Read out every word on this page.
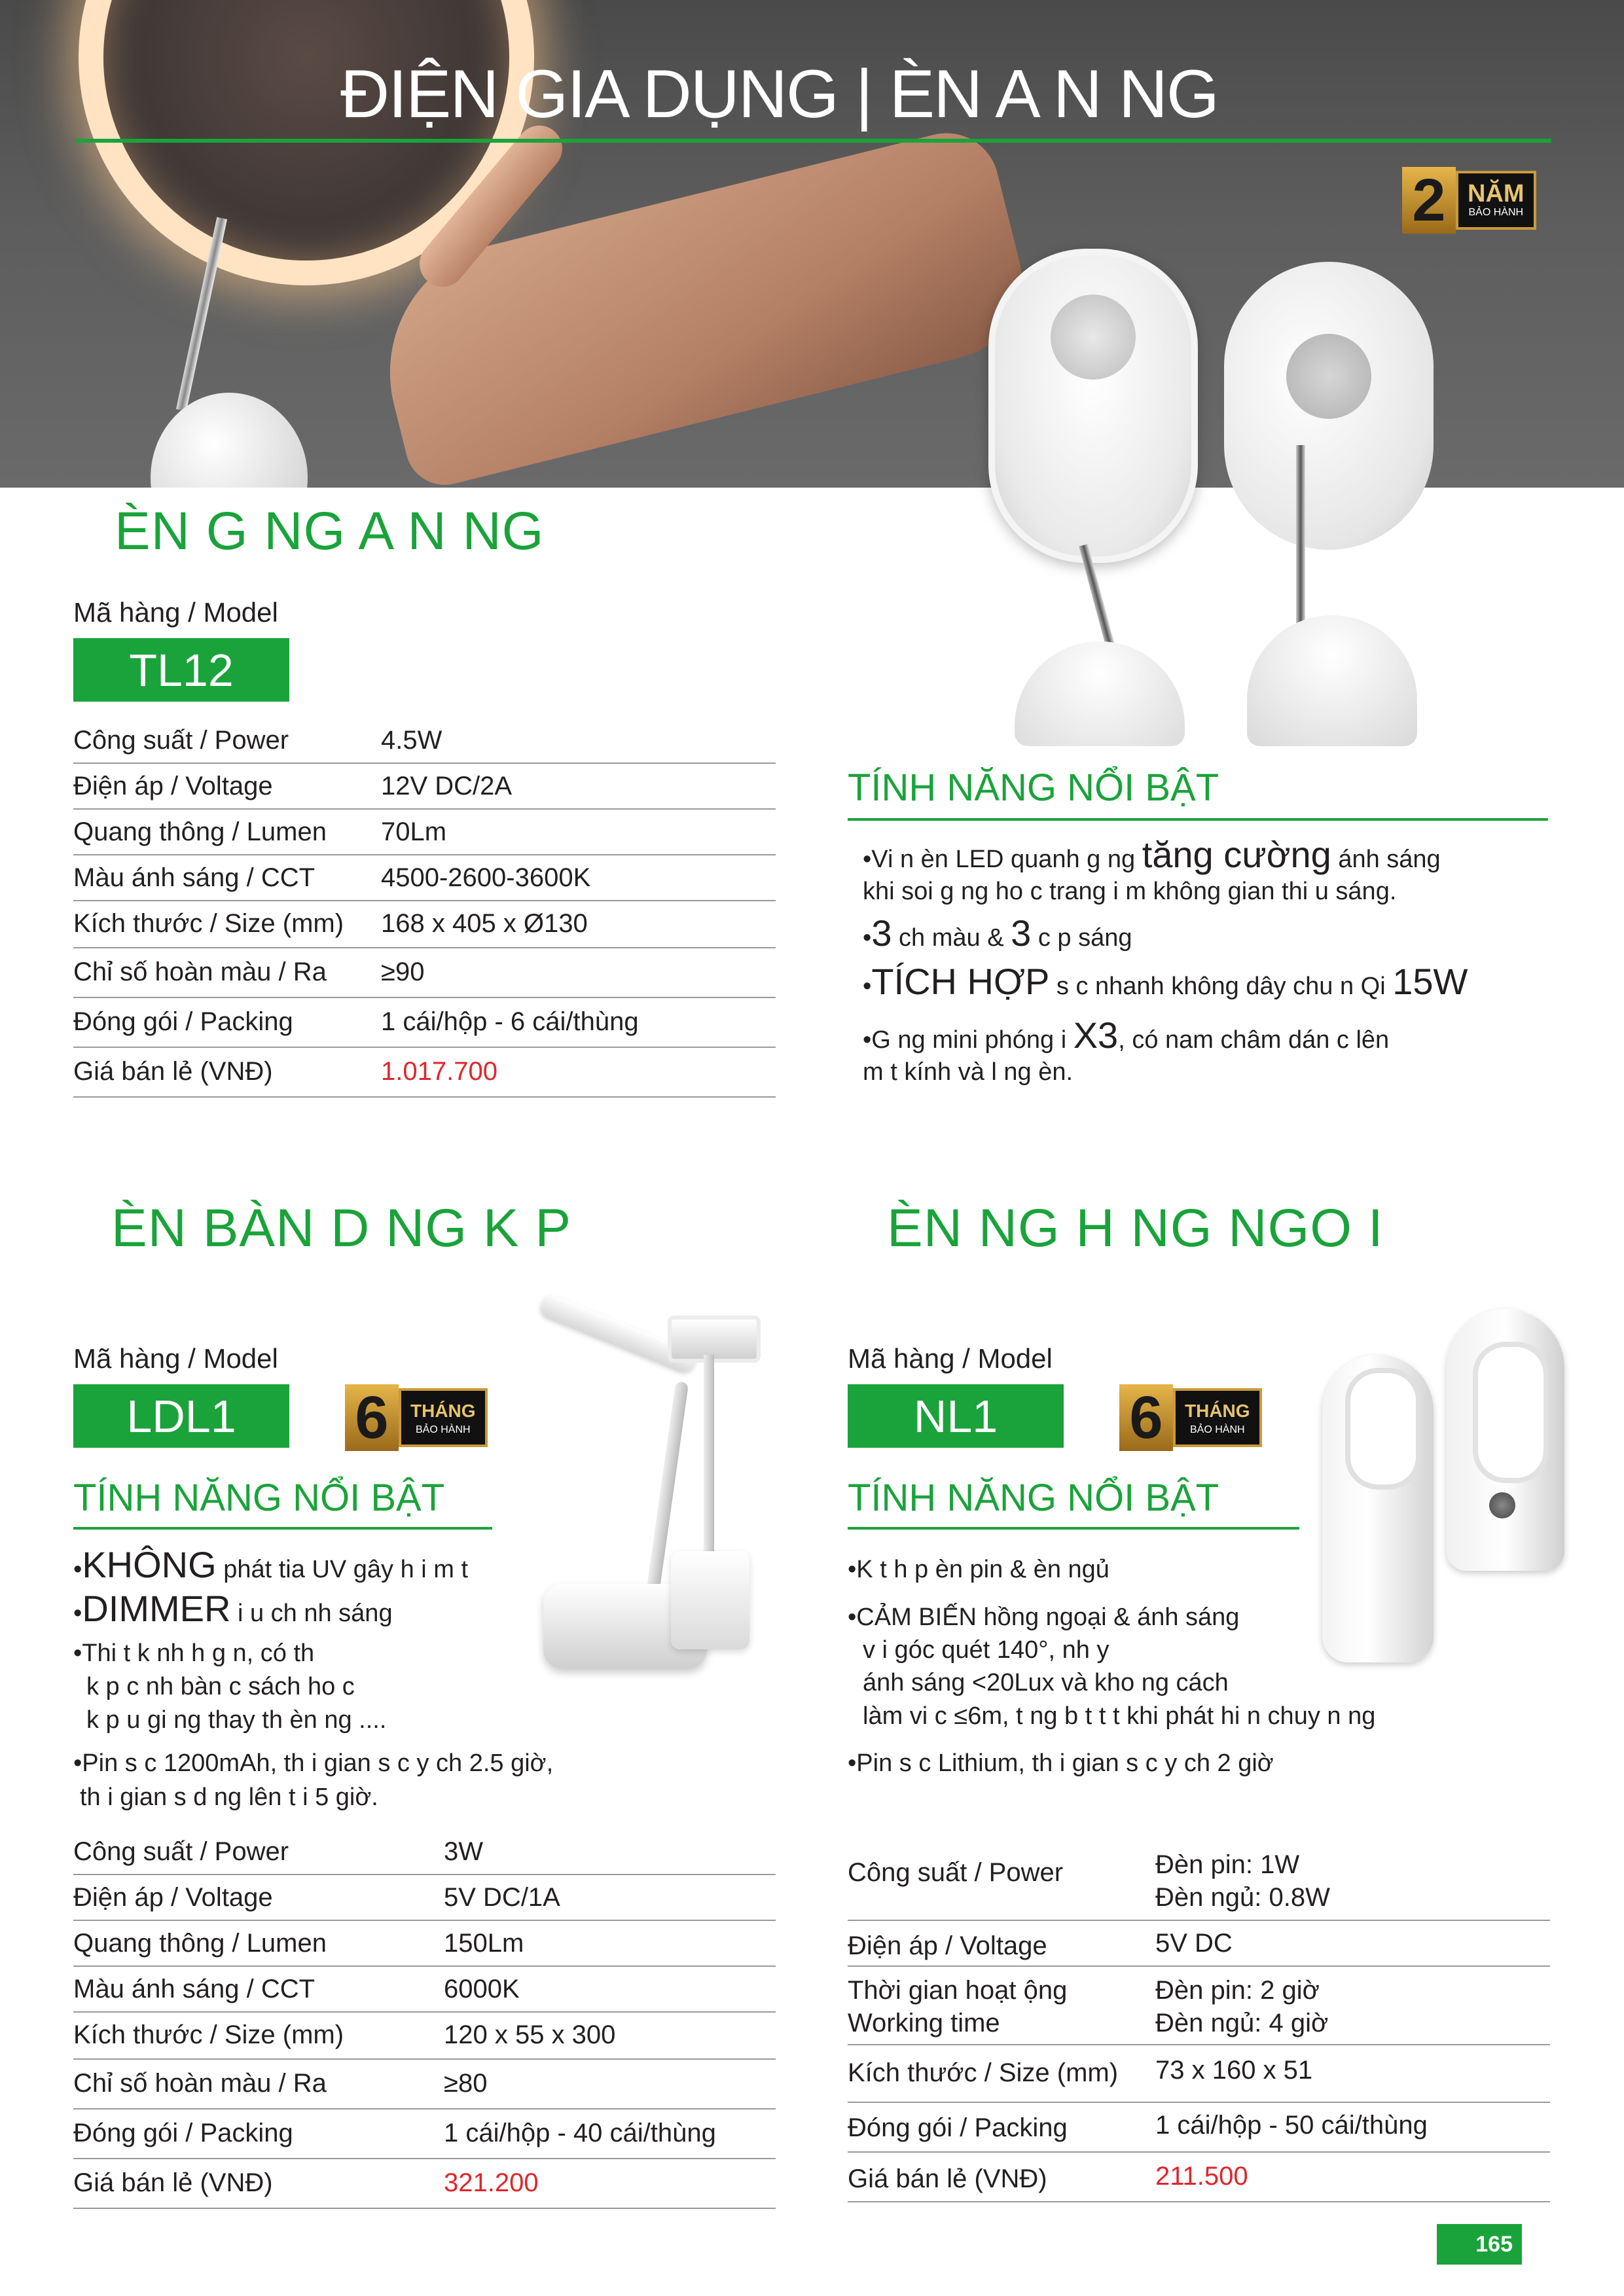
ĐIỆN GIA DỤNG | ÈN A N NG
2 NĂM
BẢO HÀNH
ÈN G NG A N NG
Mã hàng / Model
TL12
Công suất / Power	4.5W
Điện áp / Voltage	12V DC/2A
Quang thông / Lumen 70Lm
Màu ánh sáng / CCT	4500-2600-3600K
Kích thước / Size (mm) 168 x 405 x Ø130
Chỉ số hoàn màu / Ra ≥90
Đóng gói / Packing	1 cái/hộp - 6 cái/thùng
Giá bán lẻ (VNĐ)	1.017.700
TÍNH NĂNG NỔI BẬT
•Vi n èn LED quanh g ng tăng cường ánh sáng
khi soi g ng ho c trang i m không gian thi u sáng.
•3 ch màu & 3 c p sáng
•TÍCH HỢP s c nhanh không dây chu n Qi 15W
•G ng mini phóng i X3, có nam châm dán c lên
m t kính và l ng èn.
ÈN BÀN D NG K P
Mã hàng / Model
LDL1	6	THÁNG
BẢO HÀNH
TÍNH NĂNG NỔI BẬT
•KHÔNG phát tia UV gây h i m t
•DIMMER i u ch nh sáng
•Thi t k nh h g n, có th
k p c nh bàn c sách ho c
k p u gi ng thay th èn ng ....
•Pin s c 1200mAh, th i gian s c y ch 2.5 giờ,
th i gian s d ng lên t i 5 giờ.
Công suất / Power	3W
Điện áp / Voltage	5V DC/1A
Quang thông / Lumen	150Lm
Màu ánh sáng / CCT	6000K
Kích thước / Size (mm)	120 x 55 x 300
Chỉ số hoàn màu / Ra	≥80
Đóng gói / Packing	1 cái/hộp - 40 cái/thùng
Giá bán lẻ (VNĐ)	321.200
ÈN NG H NG NGO I
Mã hàng / Model
NL1	6	THÁNG
BẢO HÀNH
TÍNH NĂNG NỔI BẬT
•K t h p èn pin & èn ngủ
•CẢM BIẾN hồng ngoại & ánh sáng
v i góc quét 140°, nh y
ánh sáng <20Lux và kho ng cách
làm vi c ≤6m, t ng b t t t khi phát hi n chuy n ng
•Pin s c Lithium, th i gian s c y ch 2 giờ
Công suất / Power	Đèn pin: 1W
Đèn ngủ: 0.8W
Điện áp / Voltage	5V DC
Thời gian hoạt ộng
Working time
Đèn pin: 2 giờ
Đèn ngủ: 4 giờ
Kích thước / Size (mm) 73 x 160 x 51
Đóng gói / Packing	1 cái/hộp - 50 cái/thùng
Giá bán lẻ (VNĐ)	211.500
165
